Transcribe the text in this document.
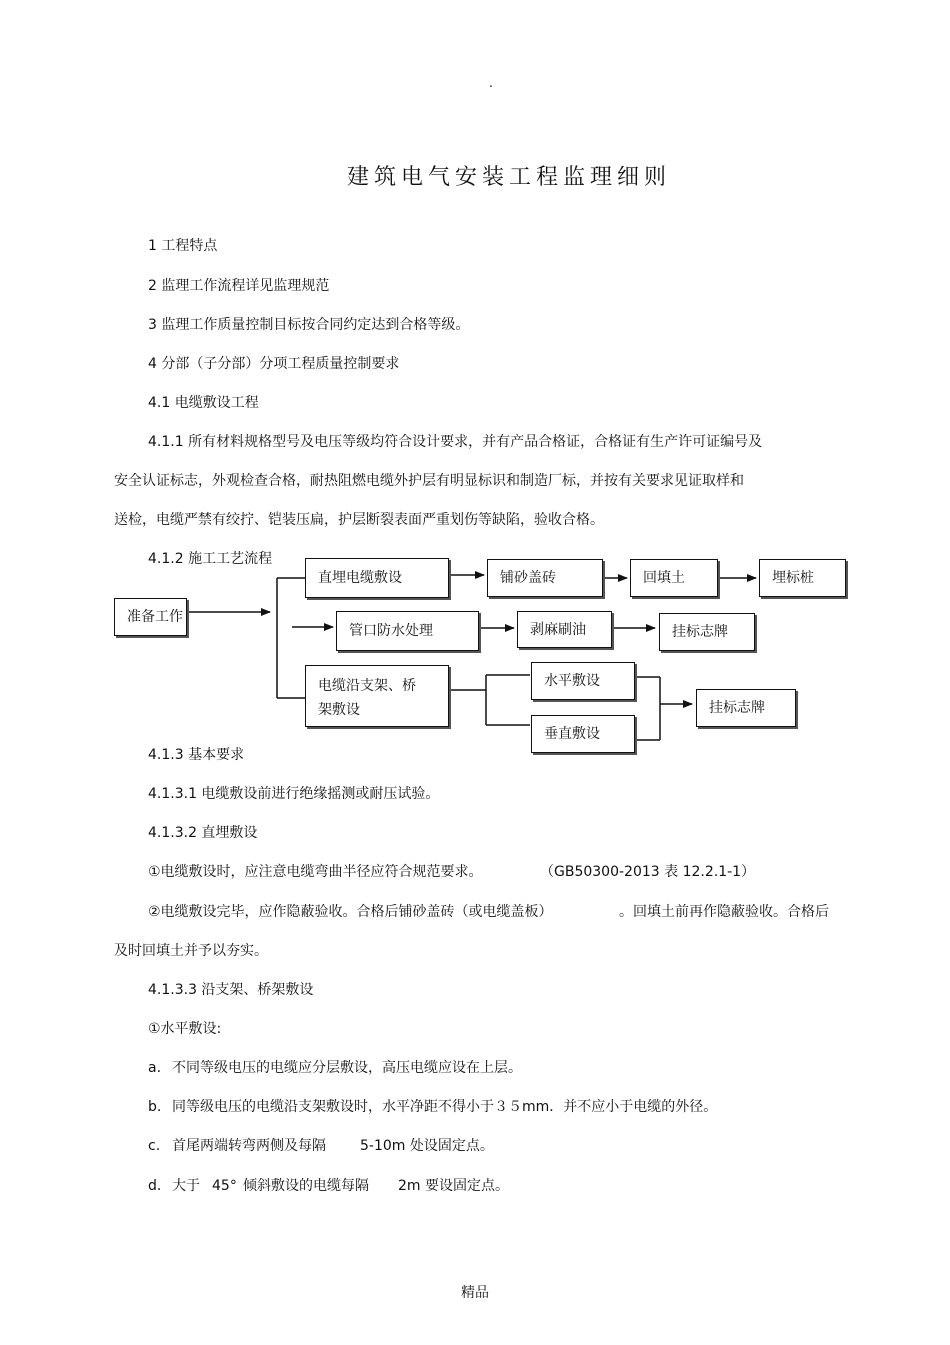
.
建筑电气安装工程监理细则
1 工程特点
2 监理工作流程详见监理规范
3 监理工作质量控制目标按合同约定达到合格等级。
4 分部（子分部）分项工程质量控制要求
4.1 电缆敷设工程
4.1.1 所有材料规格型号及电压等级均符合设计要求，并有产品合格证，合格证有生产许可证编号及
安全认证标志，外观检查合格，耐热阻燃电缆外护层有明显标识和制造厂标，并按有关要求见证取样和
送检，电缆严禁有绞拧、铠装压扁，护层断裂表面严重划伤等缺陷，验收合格。
4.1.2 施工工艺流程
准备工作
直埋电缆敷设	铺砂盖砖	回填土	埋标桩
管口防水处理	剥麻刷油	挂标志牌
电缆沿支架、桥
架敷设
水平敷设
垂直敷设
挂标志牌
4.1.3 基本要求
4.1.3.1 电缆敷设前进行绝缘摇测或耐压试验。
4.1.3.2 直埋敷设
①电缆敷设时，应注意电缆弯曲半径应符合规范要求。	（GB50300-2013 表 12.2.1-1）
②电缆敷设完毕，应作隐蔽验收。合格后铺砂盖砖（或电缆盖板）	。回填土前再作隐蔽验收。合格后
及时回填土并予以夯实。
4.1.3.3 沿支架、桥架敷设
①水平敷设:
a. 不同等级电压的电缆应分层敷设，高压电缆应设在上层。
b. 同等级电压的电缆沿支架敷设时，水平净距不得小于３５mm．并不应小于电缆的外径。
c. 首尾两端转弯两侧及每隔 5-10m 处设固定点。
d. 大于 45° 倾斜敷设的电缆每隔 2m 要设固定点。
精品
